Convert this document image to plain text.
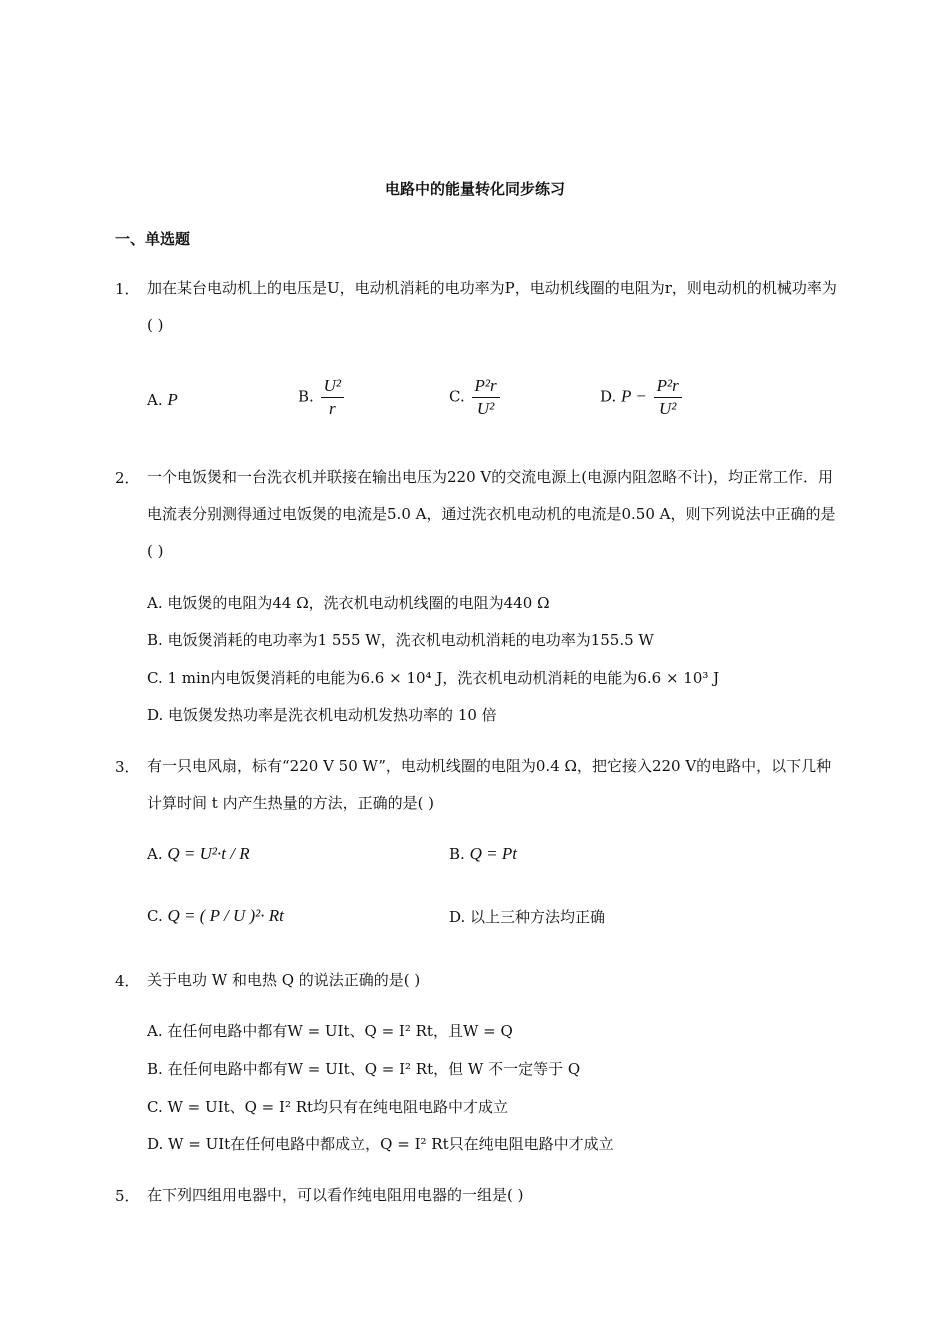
电路中的能量转化同步练习
一、单选题
1． 加在某台电动机上的电压是U，电动机消耗的电功率为P，电动机线圈的电阻为r，则电动机的机械功率为( )
A. P	B. $\frac{\text{U²}}{r}$	C. $\frac{\text{P²r}}{\text{U²}}$	D. $P - \frac{\text{P²r}}{\text{U²}}$
2． 一个电饭煲和一台洗衣机并联接在输出电压为220 V的交流电源上(电源内阻忽略不计)，均正常工作．用电流表分别测得通过电饭煲的电流是5.0 A，通过洗衣机电动机的电流是0.50 A，则下列说法中正确的是( )
A. 电饭煲的电阻为44 Ω，洗衣机电动机线圈的电阻为440 Ω
B. 电饭煲消耗的电功率为1 555 W，洗衣机电动机消耗的电功率为155.5 W
C. 1 min内电饭煲消耗的电能为6.6 × 10⁴ J，洗衣机电动机消耗的电能为6.6 × 10³ J
D. 电饭煲发热功率是洗衣机电动机发热功率的 10 倍
3． 有一只电风扇，标有“220 V 50 W”，电动机线圈的电阻为0.4 Ω，把它接入220 V的电路中，以下几种计算时间 t 内产生热量的方法，正确的是( )
A. Q = U²·t / R	B. Q = Pt
C. Q = ( P / U )²· Rt	D. 以上三种方法均正确
4． 关于电功 W 和电热 Q 的说法正确的是( )
A. 在任何电路中都有W = UIt、Q = I² Rt，且W = Q
B. 在任何电路中都有W = UIt、Q = I² Rt，但 W 不一定等于 Q
C. W = UIt、Q = I² Rt均只有在纯电阻电路中才成立
D. W = UIt在任何电路中都成立，Q = I² Rt只在纯电阻电路中才成立
5． 在下列四组用电器中，可以看作纯电阻用电器的一组是( )
